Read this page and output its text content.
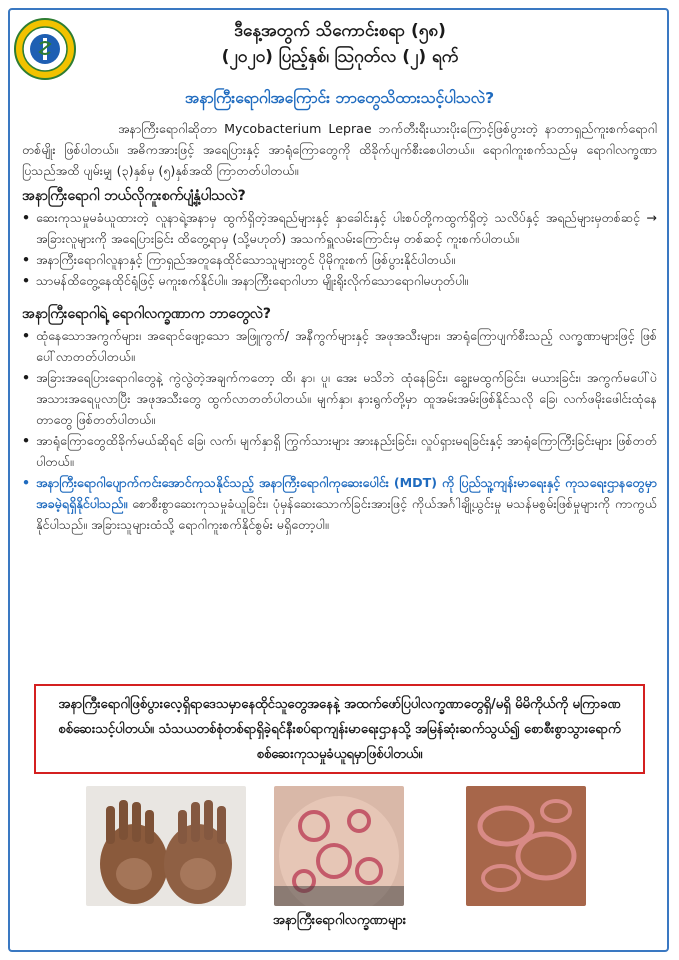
ဒီနေ့အတွက် သိကောင်းစရာ (၅၈)
(၂၀၂၀) ပြည့်နှစ်၊ ဩဂုတ်လ (၂) ရက်
အနာကြီးရောဂါအကြောင်း ဘာတွေသိထားသင့်ပါသလဲ?

အနာကြီးရောဂါဆိုတာ Mycobacterium Leprae ဘက်တီးရီးယားပိုးကြောင့်ဖြစ်ပွားတဲ့ နာတာရှည်ကူးစက်ရောဂါတစ်မျိုး ဖြစ်ပါတယ်။ အဓိကအားဖြင့် အရေပြားနှင့် အာရုံကြောတွေကို ထိခိုက်ပျက်စီးစေပါတယ်။ ရောဂါကူးစက်သည်မှ ရောဂါလက္ခဏာပြသည်အထိ ပျမ်းမျှ (၃)နှစ်မှ (၅)နှစ်အထိ ကြာတတ်ပါတယ်။

အနာကြီးရောဂါ ဘယ်လိုကူးစက်ပျံ့နှံ့ပါသလဲ?

• ဆေးကုသမှုမခံယူထားတဲ့ လူနာရဲ့အနာမှ ထွက်ရှိတဲ့အရည်များနှင့် နှာခေါင်းနှင့် ပါးစပ်တို့ကထွက်ရှိတဲ့ သလိပ်နှင့် အရည်များမှတစ်ဆင့် → အခြားလူများကို အရေပြားခြင်း ထိတွေ့ရာမှ (သို့မဟုတ်) အသက်ရှူလမ်းကြောင်းမှ တစ်ဆင့် ကူးစက်ပါတယ်။
• အနာကြီးရောဂါလူနာနှင့် ကြာရှည်အတူနေထိုင်သောသူများတွင် ပိုမိုကူးစက် ဖြစ်ပွားနိုင်ပါတယ်။
• သာမန်ထိတွေ့နေထိုင်ရုံဖြင့် မကူးစက်နိုင်ပါ။ အနာကြီးရောဂါဟာ မျိုးရိုးလိုက်သောရောဂါမဟုတ်ပါ။

အနာကြီးရောဂါရဲ့ ရောဂါလက္ခဏာက ဘာတွေလဲ?

• ထုံနေသောအကွက်များ၊ အရောင်ဖျော့သော အဖြူကွက်/ အနီကွက်များနှင့် အဖုအသီးများ၊ အာရုံကြောပျက်စီးသည့် လက္ခဏာများဖြင့် ဖြစ်ပေါ်လာတတ်ပါတယ်။
• အခြားအရေပြားရောဂါတွေနဲ့ ကွဲလွဲတဲ့အချက်ကတော့ ထိ၊ နာ၊ ပူ၊ အေး မသိဘဲ ထုံနေခြင်း၊ ချွေးမထွက်ခြင်း၊ မယားခြင်း၊ အကွက်မပေါ်ပဲ အသားအရေပူလာပြီး အဖုအသီးတွေ ထွက်လာတတ်ပါတယ်။ မျက်နှာ၊ နားရွက်တို့မှာ ထူအမ်းအမ်းဖြစ်နိုင်သလို ခြေ၊ လက်ဖမိုးဖေါင်းထုံနေတာတွေ ဖြစ်တတ်ပါတယ်။
• အာရုံကြောတွေထိခိုက်မယ်ဆိုရင် ခြေ၊ လက်၊ မျက်နှာရှိ ကြွက်သားများ အားနည်းခြင်း၊ လှုပ်ရှားမရခြင်းနှင့် အာရုံကြောကြီးခြင်းများ ဖြစ်တတ်ပါတယ်။
• အနာကြီးရောဂါပျောက်ကင်းအောင်ကုသနိုင်သည့် အနာကြီးရောဂါကုဆေးပေါင်း (MDT) ကို ပြည်သူ့ကျန်းမာရေးနှင့် ကုသရေးဌာနတွေမှာ အခမဲ့ရရှိနိုင်ပါသည်။ စောစီးစွာဆေးကုသမှုခံယူခြင်း၊ ပုံမှန်ဆေးသောက်ခြင်းအားဖြင့် ကိုယ်အင်္ဂါချို့ယွင်းမှု မသန်မစွမ်းဖြစ်မှုများကို ကာကွယ်နိုင်ပါသည်။ အခြားသူများထံသို့ ရောဂါကူးစက်နိုင်စွမ်း မရှိတော့ပါ။
အနာကြီးရောဂါဖြစ်ပွားလေ့ရှိရာဒေသမှာနေထိုင်သူတွေအနေနဲ့ အထက်ဖော်ပြပါလက္ခဏာတွေရှိ/မရှိ မိမိကိုယ်ကို မကြာခဏစစ်ဆေးသင့်ပါတယ်။ သံသယတစ်စုံတစ်ရာရှိခဲ့ရင်နီးစပ်ရာကျန်းမာရေးဌာနသို့ အမြန်ဆုံးဆက်သွယ်၍ စောစီးစွာသွားရောက်စစ်ဆေးကုသမှုခံယူရမှာဖြစ်ပါတယ်။
အနာကြီးရောဂါလက္ခဏာများ
